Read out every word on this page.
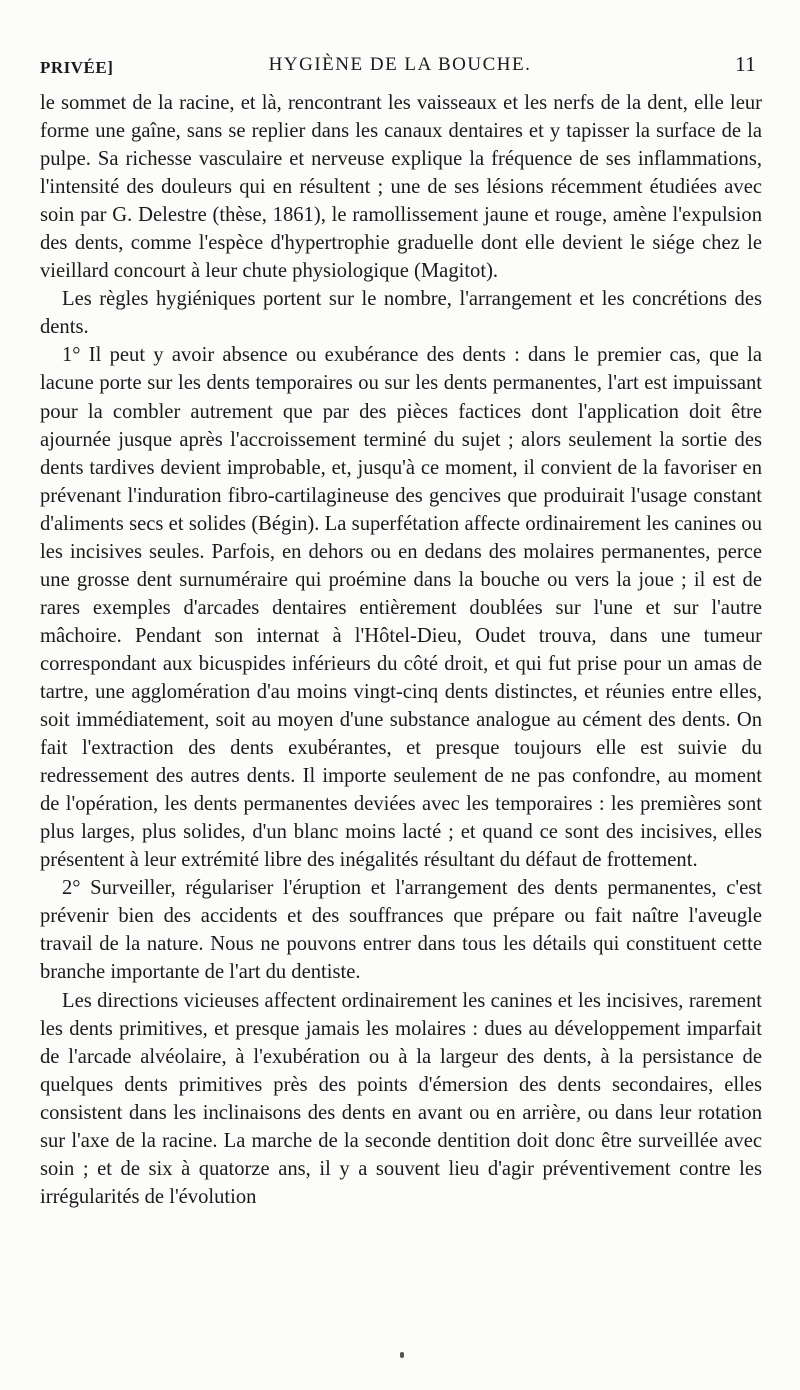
PRIVÉE]	HYGIÈNE DE LA BOUCHE.	11

le sommet de la racine, et là, rencontrant les vaisseaux et les nerfs de la dent, elle leur forme une gaîne, sans se replier dans les canaux dentaires et y tapisser la surface de la pulpe. Sa richesse vasculaire et nerveuse explique la fréquence de ses inflammations, l'intensité des douleurs qui en résultent ; une de ses lésions récemment étudiées avec soin par G. Delestre (thèse, 1861), le ramollissement jaune et rouge, amène l'expulsion des dents, comme l'espèce d'hypertrophie graduelle dont elle devient le siége chez le vieillard concourt à leur chute physiologique (Magitot).

Les règles hygiéniques portent sur le nombre, l'arrangement et les concrétions des dents.

1° Il peut y avoir absence ou exubérance des dents : dans le premier cas, que la lacune porte sur les dents temporaires ou sur les dents permanentes, l'art est impuissant pour la combler autrement que par des pièces factices dont l'application doit être ajournée jusque après l'accroissement terminé du sujet ; alors seulement la sortie des dents tardives devient improbable, et, jusqu'à ce moment, il convient de la favoriser en prévenant l'induration fibro-cartilagineuse des gencives que produirait l'usage constant d'aliments secs et solides (Bégin). La superfétation affecte ordinairement les canines ou les incisives seules. Parfois, en dehors ou en dedans des molaires permanentes, perce une grosse dent surnuméraire qui proémine dans la bouche ou vers la joue ; il est de rares exemples d'arcades dentaires entièrement doublées sur l'une et sur l'autre mâchoire. Pendant son internat à l'Hôtel-Dieu, Oudet trouva, dans une tumeur correspondant aux bicuspides inférieurs du côté droit, et qui fut prise pour un amas de tartre, une agglomération d'au moins vingt-cinq dents distinctes, et réunies entre elles, soit immédiatement, soit au moyen d'une substance analogue au cément des dents. On fait l'extraction des dents exubérantes, et presque toujours elle est suivie du redressement des autres dents. Il importe seulement de ne pas confondre, au moment de l'opération, les dents permanentes deviées avec les temporaires : les premières sont plus larges, plus solides, d'un blanc moins lacté ; et quand ce sont des incisives, elles présentent à leur extrémité libre des inégalités résultant du défaut de frottement.

2° Surveiller, régulariser l'éruption et l'arrangement des dents permanentes, c'est prévenir bien des accidents et des souffrances que prépare ou fait naître l'aveugle travail de la nature. Nous ne pouvons entrer dans tous les détails qui constituent cette branche importante de l'art du dentiste.

Les directions vicieuses affectent ordinairement les canines et les incisives, rarement les dents primitives, et presque jamais les molaires : dues au développement imparfait de l'arcade alvéolaire, à l'exubération ou à la largeur des dents, à la persistance de quelques dents primitives près des points d'émersion des dents secondaires, elles consistent dans les inclinaisons des dents en avant ou en arrière, ou dans leur rotation sur l'axe de la racine. La marche de la seconde dentition doit donc être surveillée avec soin ; et de six à quatorze ans, il y a souvent lieu d'agir préventivement contre les irrégularités de l'évolution
